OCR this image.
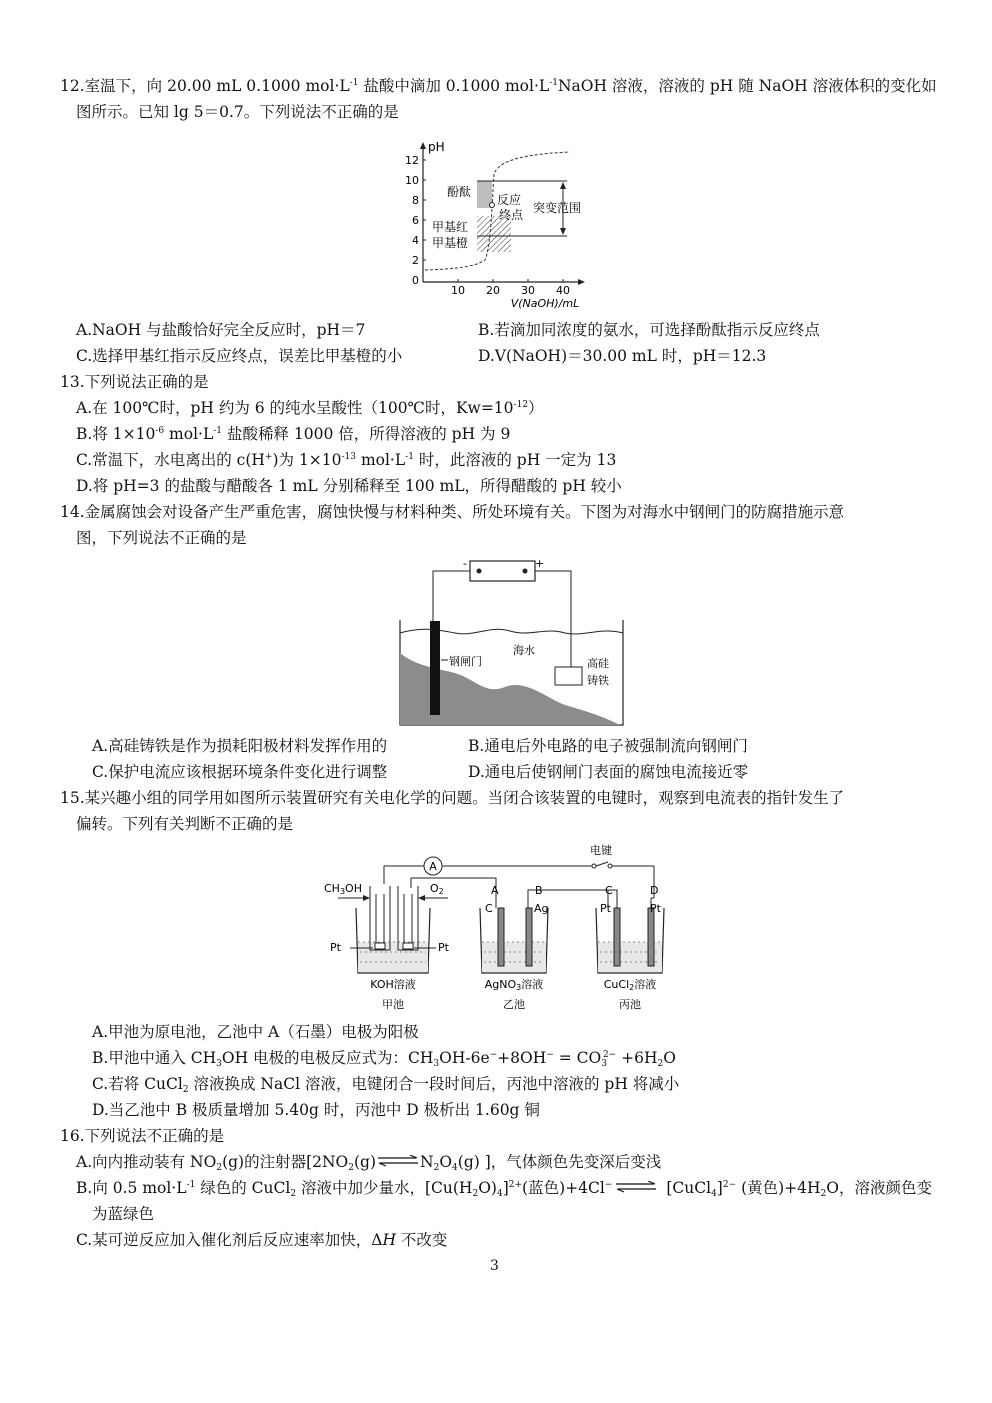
12.室温下，向 20.00 mL 0.1000 $mol\cdot L^{-1}$ 盐酸中滴加 0.1000 $mol\cdot L^{-1}NaOH$ 溶液，溶液的 pH 随 NaOH 溶液体积的变化如
图所示。已知 lg 5＝0.7。下列说法不正确的是
pH
12
10
8
6
4
2
0
10 20 30 40
V(NaOH)/mL
酚酞
反应
终点 突变范围
甲基红
甲基橙
A.NaOH 与盐酸恰好完全反应时，pH＝7	B.若滴加同浓度的氨水，可选择酚酞指示反应终点
C.选择甲基红指示反应终点，误差比甲基橙的小	D.V(NaOH)＝30.00 mL 时，pH＝12.3
13.下列说法正确的是
A.在 100℃时，pH 约为 6 的纯水呈酸性（100℃时，$Kw=10^{-12}$）
B.将 $1\times 10^{-6}$ $mol\cdot L^{-1}$ 盐酸稀释 1000 倍，所得溶液的 pH 为 9
C.常温下，水电离出的 c(H+)为 $1\times 10^{-13}$ $mol\cdot L^{-1}$ 时，此溶液的 pH 一定为 13
D.将 pH=3 的盐酸与醋酸各 1 mL 分别稀释至 100 mL，所得醋酸的 pH 较小
14.金属腐蚀会对设备产生严重危害，腐蚀快慢与材料种类、所处环境有关。下图为对海水中钢闸门的防腐措施示意
图，下列说法不正确的是
-	+
钢闸门
海水
高硅
铸铁
A.高硅铸铁是作为损耗阳极材料发挥作用的	B.通电后外电路的电子被强制流向钢闸门
C.保护电流应该根据环境条件变化进行调整	D.通电后使钢闸门表面的腐蚀电流接近零
15.某兴趣小组的同学用如图所示装置研究有关电化学的问题。当闭合该装置的电键时，观察到电流表的指针发生了
偏转。下列有关判断不正确的是
A
电键
CH3OH	O2
Pt	Pt
A	B	C	D
C	Ag	Pt	Pt
KOH溶液	AgNO3溶液	CuCl2溶液
甲池	乙池	丙池
A.甲池为原电池，乙池中 A（石墨）电极为阳极
B.甲池中通入 $CH_3OH$ 电极的电极反应式为：$CH_3OH-6e^-+8OH^- = CO_3^{2-} +6H_2O$
C.若将 CuCl$_2$ 溶液换成 NaCl 溶液，电键闭合一段时间后，丙池中溶液的 pH 将减小
D.当乙池中 B 极质量增加 5.40g 时，丙池中 D 极析出 1.60g 铜
16.下列说法不正确的是
A.向内推动装有 $NO_2(g)$的注射器[$2NO_2(g)\rightleftharpoons N_2O_4(g)$ ]，气体颜色先变深后变浅
B.向 0.5 $mol\cdot L^{-1}$ 绿色的 CuCl$_2$ 溶液中加少量水，$[Cu(H_2O)_4]^{2+}$(蓝色)+4Cl− ⇌ [CuCl$_4$]$^{2-}$ (黄色)$+4H_2O$，溶液颜色变
为蓝绿色
C.某可逆反应加入催化剂后反应速率加快，ΔH 不改变
3
